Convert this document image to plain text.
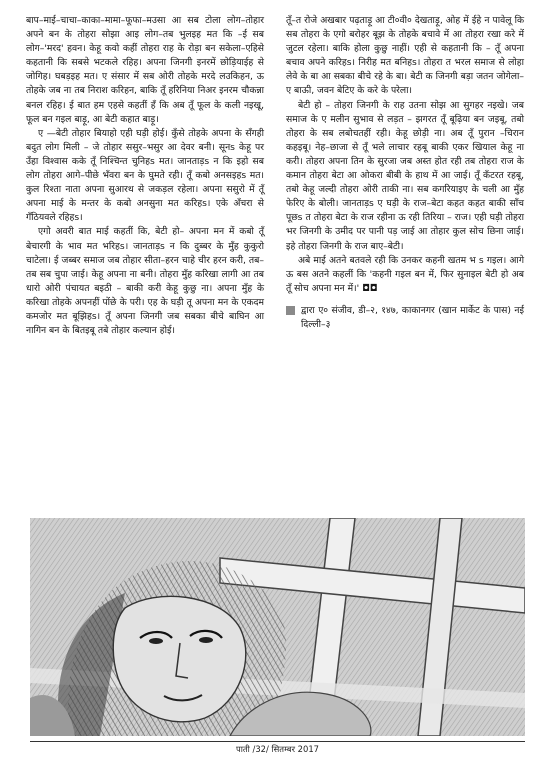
बाप–माई–चाचा–काका–मामा–फूफा–मउसा आ सब टोला लोग–तोहार अपने बन के तोहरा सोझा आइ लोग–तब भुलइह मत कि –ई सब लोग–'मरद' हवन। केहू कवो कहीं तोहरा राह के रोड़ा बन सकेला–एहिसे कहतानी कि सबसे भटकले रहिह। अपना जिनगी इनरमें छोड़ियाईह से जोगिह। घबड़इह मत। ए संसार में सब ओरी तोहके मरदे लउकिहन, ऊ तोहके जब ना तब निराश करिहन, बाकि तूँ हरिनिया निअर इनरम चौकन्ना बनल रहिह। ई बात हम एहसे कहतीं हँ कि अब तूँ फूल के कली नइखू, फूल बन गइल बाड़ू, आ बेटी कहात बाड़ू।

ए —बेटी तोहार बियाहो एही घड़ी होई। कुँसे तोहके अपना के सँगही बदुत लोग मिली – जे तोहार ससुर–भसुर आ देवर बनी। सूनs केहू पर उँहा विश्वास कके तूँ निश्चिन्त चुनिहs मत। जानताड़s न कि इहो सब लोग तोहरा आगे–पीछे भँवरा बन के घुमते रही। तूँ कबो अनसइहs मत। कुल रिश्ता नाता अपना सुआरथ से जकड़ल रहेला। अपना ससुरो में तूँ अपना माई के मन्तर के कबो अनसुना मत करिहs। एके अँचरा से गँठियवले रहिहs।

एगो अवरी बात माई कहतीं कि, बेटी हो– अपना मन में कबो तूँ बेचारगी के भाव मत भरिहs। जानताड़s न कि दुब्बर के मुँह कुकुरो चाटेला। ई जब्बर समाज जब तोहार सीता–हरन चाहे चीर हरन करी, तब–तब सब चुपा जाई। केहू अपना ना बनी। तोहरा मुँह करिखा लागी आ तब धारो ओरी पंचायत बइठी – बाकी करी केहू कुछु ना। अपना मुँह के करिखा तोहके अपनहीं पोंछे के परी। एह के घड़ी तू अपना मन के एकदम कमजोर मत बूझिहs। तूँ अपना जिनगी जब सबका बीचे बाघिन आ नागिन बन के बितइबू तबे तोहार कल्यान होई।

तूँ–त रोजे अखबार पढ़ताड़ू आ टी०वी० देखताड़ू, ओह में ईहे न पावेलू कि सब तोहरा के एगो बरोहर बूझ के तोहके बचावे में आ तोहरा रखा करे में जुटल रहेला। बाकि होला कुछु नाहीं। एही से कहतानी कि – तूँ अपना बचाव अपने करिहs। निरीह मत बनिहs। तोहरा त भरल समाज से लोहा लेवे के बा आ सबका बीचे रहे के बा। बेटी क जिनगी बड़ा जतन जोगेला– ए बाऊी, जवन बेटिए के करे के परेला।

बेटी हो – तोहरा जिनगी के राह उतना सोझ आ सुगहर नइखे। जब समाज के ए मलीन सुभाव से लड़त – झगरत तूँ बूढ़िया बन जइबू, तबो तोहरा के सब लबोचतहीं रही। केहू छोड़ी ना। अब तूँ पुरान –चिरान कहइबू। नेह–छाजा से तूँ भले लाचार रहबू बाकी एकर खियाल केहू ना करी। तोहरा अपना तिन के सुरजा जब अस्त होत रही तब तोहरा राज के कमान तोहरा बेटा आ ओकरा बीबी के हाथ में आ जाई। तूँ कँटरत रहबू, तबो केहू जल्दी तोहरा ओरी ताकी ना। सब कगरियाइए के चली आ मुँह फेरिए के बोली। जानताड़s ए घड़ी के राज–बेटा कहत कहत बाकी साँच पूछs त तोहरा बेटा के राज रहीना ऊ रही तिरिया – राज। एही घड़ी तोहरा भर जिनगी के उमीद पर पानी पड़ जाई आ तोहार कुल सोच छिना जाई। इहे तोहरा जिनगी के राज बाए–बेटी।

अबे माई अतने बतवले रही कि उनकर कहनी खतम भ s गइल। आगे ऊ बस अतने कहलीं कि 'कहनी गइल बन में, फिर सुनाइल बेटी हो अब तूँ सोच अपना मन में।' ◘◘

द्वारा ए० संजीव, डी–२, १४७, काकानगर (खान मार्केट के पास) नई दिल्ली–३
पाती /32/ सितम्बर 2017
